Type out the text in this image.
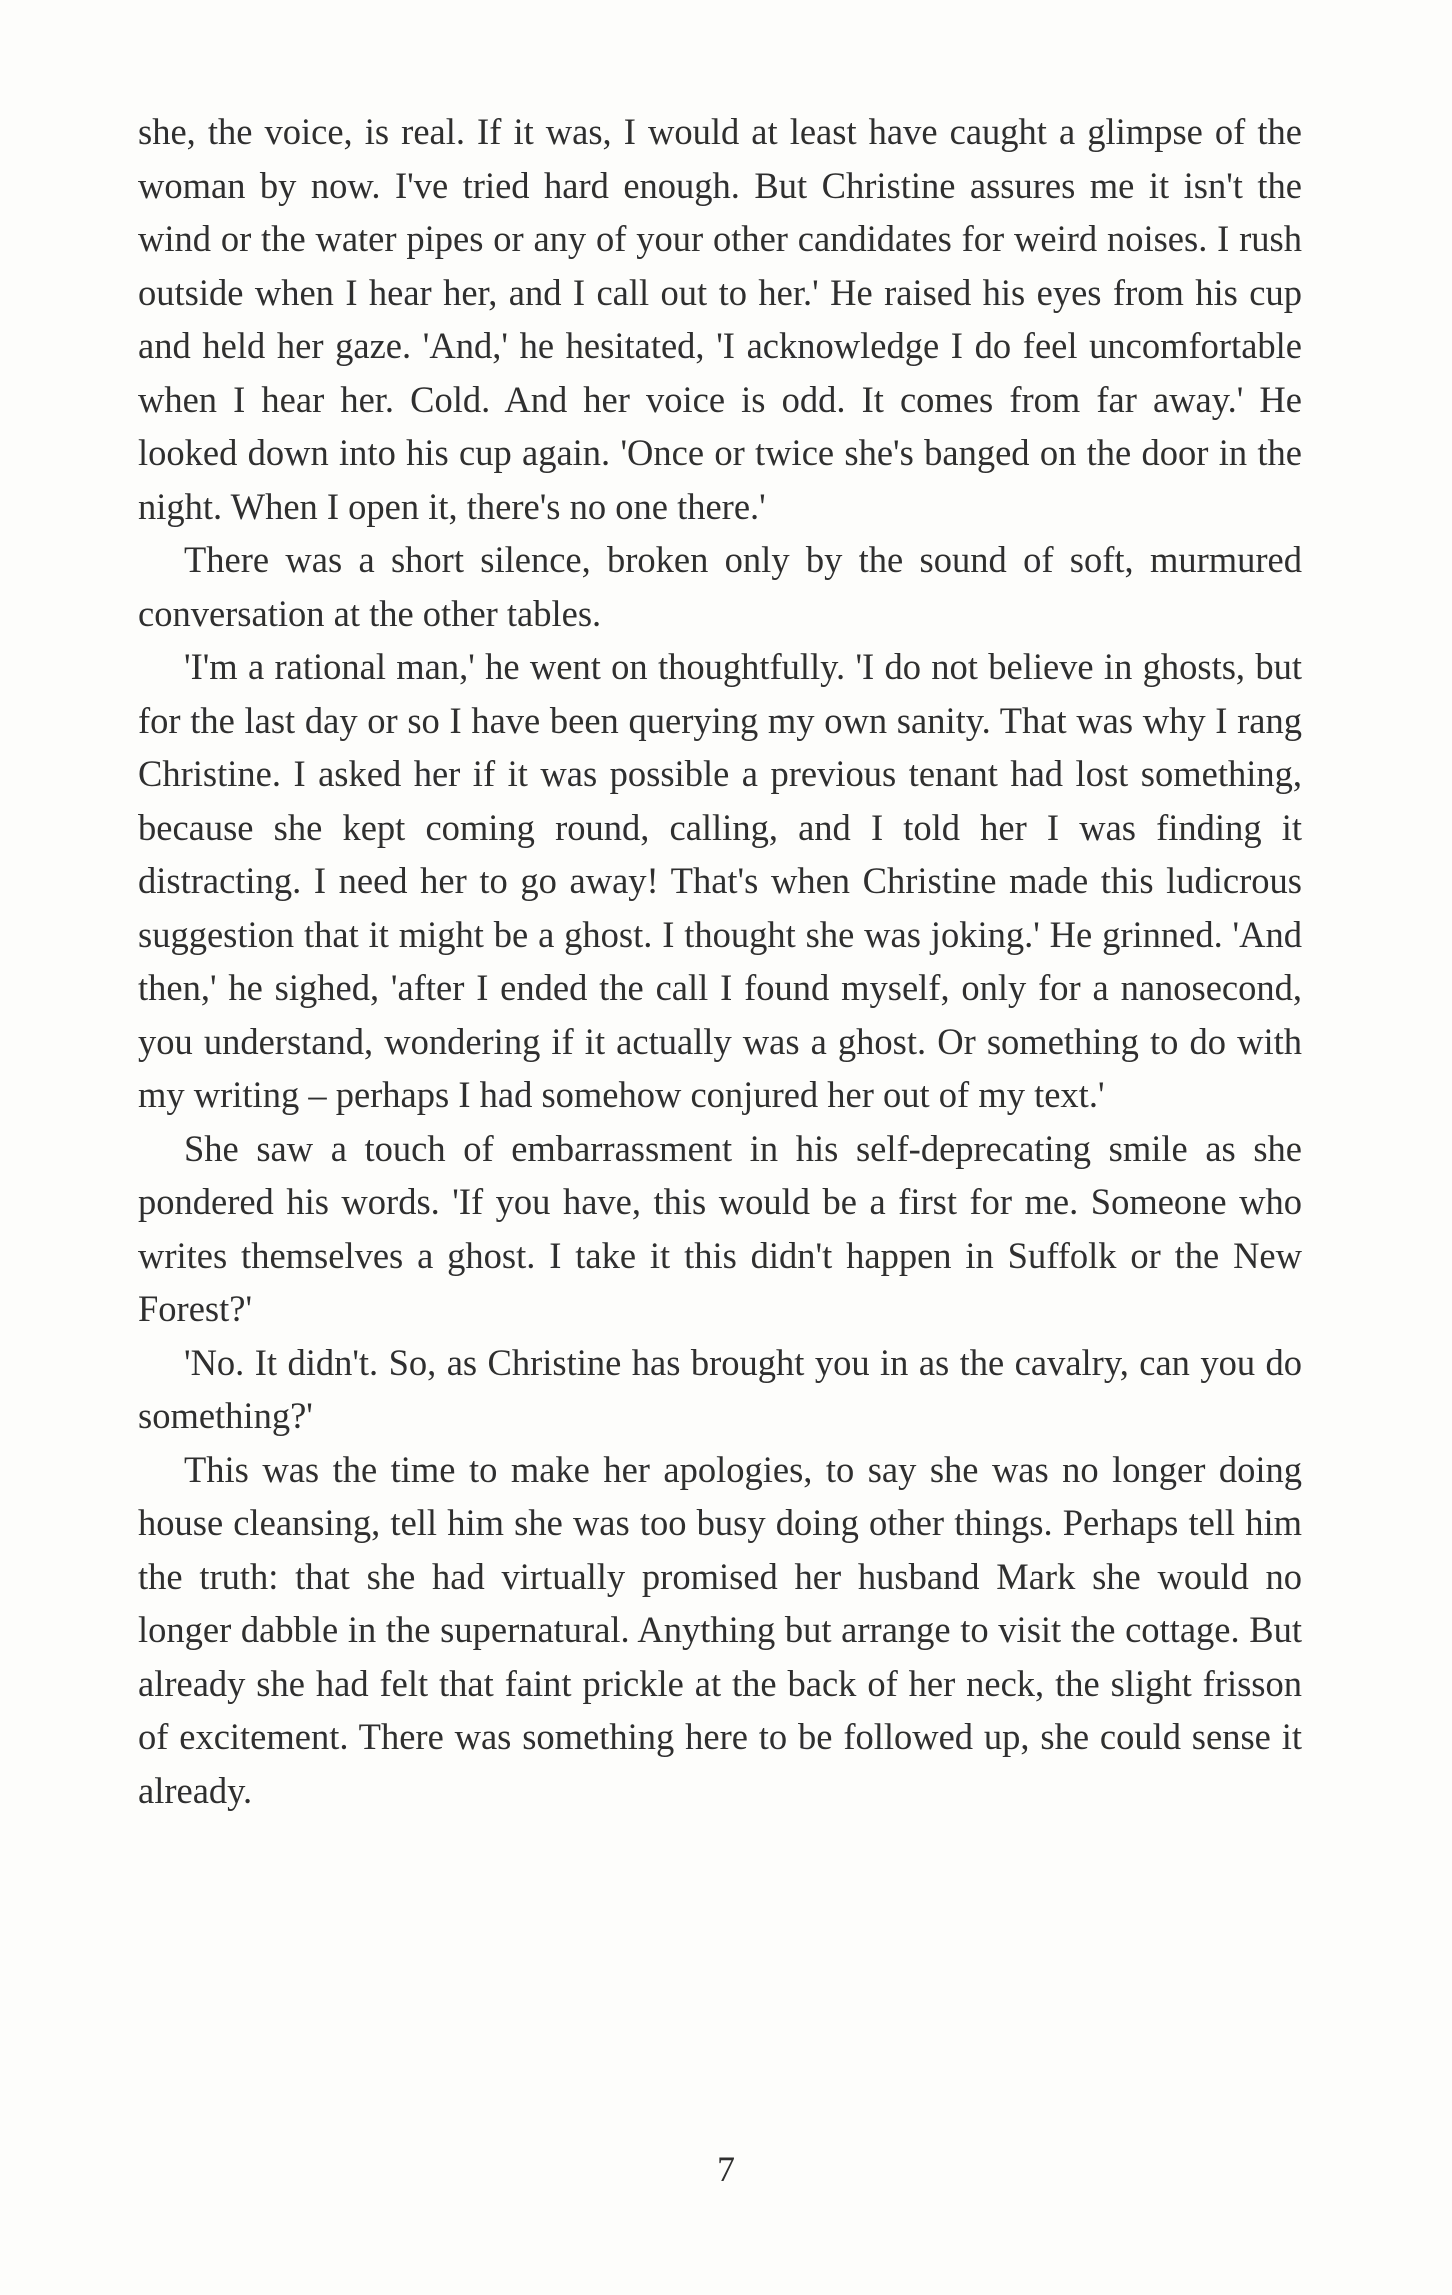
she, the voice, is real. If it was, I would at least have caught a glimpse of the woman by now. I've tried hard enough. But Christine assures me it isn't the wind or the water pipes or any of your other candidates for weird noises. I rush outside when I hear her, and I call out to her.' He raised his eyes from his cup and held her gaze. 'And,' he hesitated, 'I acknowledge I do feel uncomfortable when I hear her. Cold. And her voice is odd. It comes from far away.' He looked down into his cup again. 'Once or twice she's banged on the door in the night. When I open it, there's no one there.'

There was a short silence, broken only by the sound of soft, murmured conversation at the other tables.

'I'm a rational man,' he went on thoughtfully. 'I do not believe in ghosts, but for the last day or so I have been querying my own sanity. That was why I rang Christine. I asked her if it was possible a previous tenant had lost something, because she kept coming round, calling, and I told her I was finding it distracting. I need her to go away! That's when Christine made this ludicrous suggestion that it might be a ghost. I thought she was joking.' He grinned. 'And then,' he sighed, 'after I ended the call I found myself, only for a nanosecond, you understand, wondering if it actually was a ghost. Or something to do with my writing – perhaps I had somehow conjured her out of my text.'

She saw a touch of embarrassment in his self-deprecating smile as she pondered his words. 'If you have, this would be a first for me. Someone who writes themselves a ghost. I take it this didn't happen in Suffolk or the New Forest?'

'No. It didn't. So, as Christine has brought you in as the cavalry, can you do something?'

This was the time to make her apologies, to say she was no longer doing house cleansing, tell him she was too busy doing other things. Perhaps tell him the truth: that she had virtually promised her husband Mark she would no longer dabble in the supernatural. Anything but arrange to visit the cottage. But already she had felt that faint prickle at the back of her neck, the slight frisson of excitement. There was something here to be followed up, she could sense it already.

7
